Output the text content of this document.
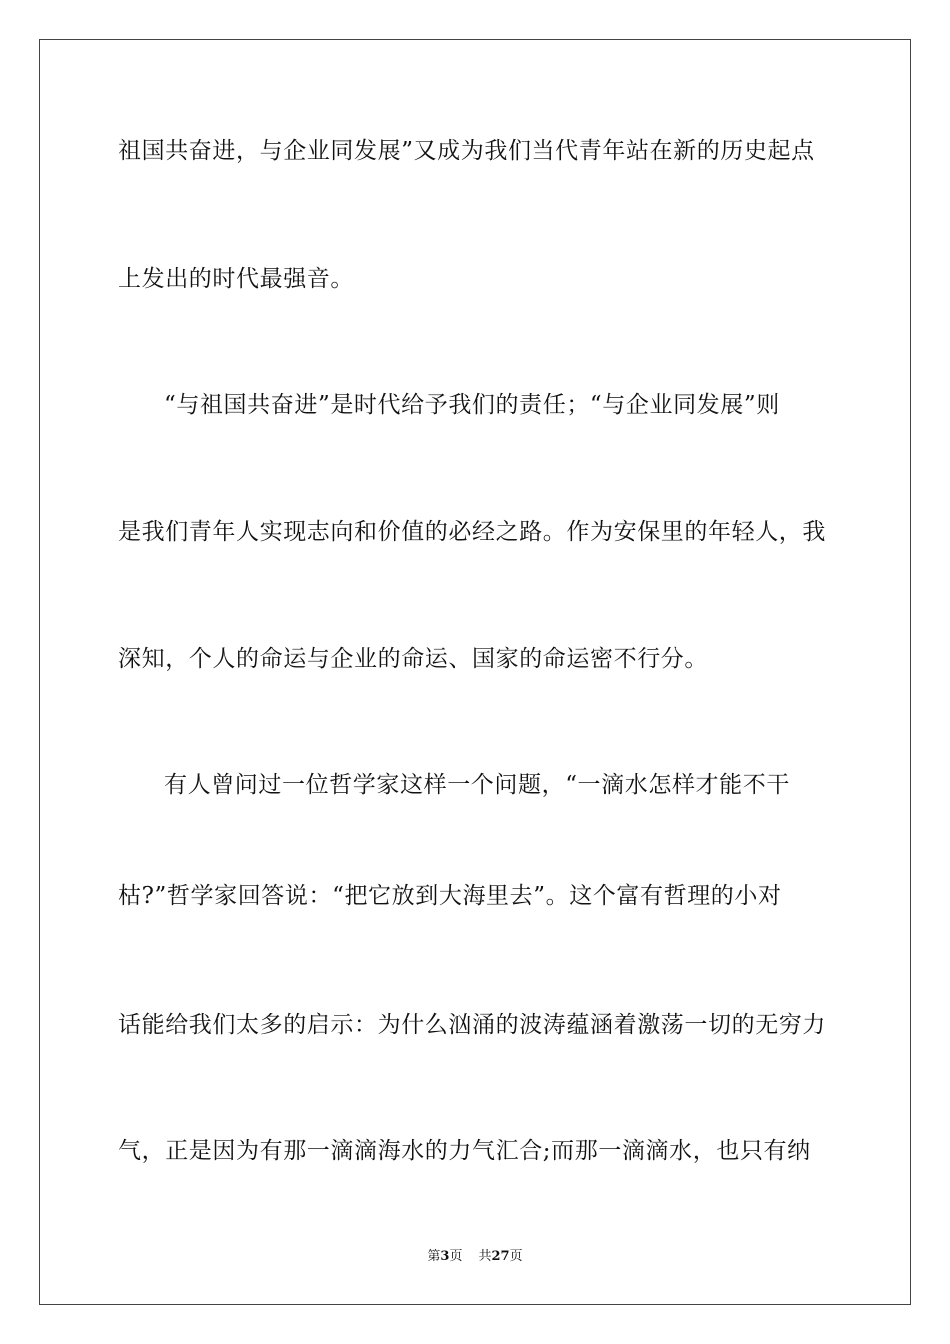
祖国共奋进，与企业同发展”又成为我们当代青年站在新的历史起点
上发出的时代最强音。
“与祖国共奋进”是时代给予我们的责任；“与企业同发展”则
是我们青年人实现志向和价值的必经之路。作为安保里的年轻人，我
深知，个人的命运与企业的命运、国家的命运密不行分。
有人曾问过一位哲学家这样一个问题，“一滴水怎样才能不干
枯?”哲学家回答说：“把它放到大海里去”。这个富有哲理的小对
话能给我们太多的启示：为什么汹涌的波涛蕴涵着激荡一切的无穷力
气，正是因为有那一滴滴海水的力气汇合;而那一滴滴水，也只有纳
第3页 共27页
